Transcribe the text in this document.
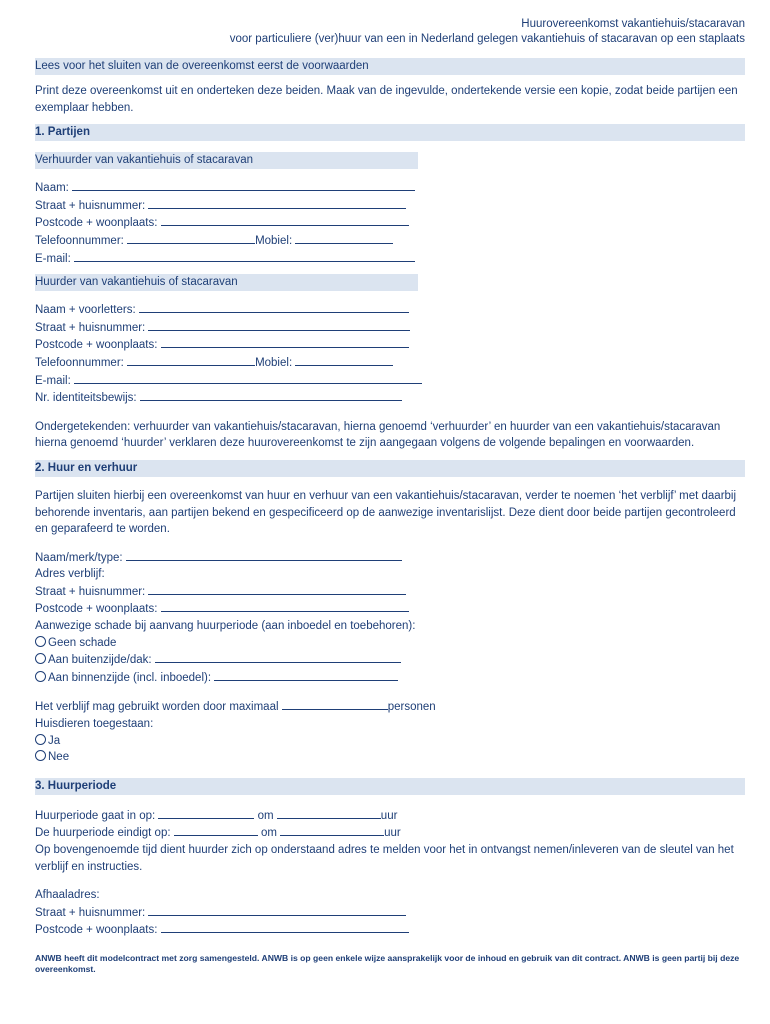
Huurovereenkomst vakantiehuis/stacaravan
voor particuliere (ver)huur van een in Nederland gelegen vakantiehuis of stacaravan op een staplaats
Lees voor het sluiten van de overeenkomst eerst de voorwaarden

Print deze overeenkomst uit en onderteken deze beiden. Maak van de ingevulde, ondertekende versie een kopie, zodat beide partijen een exemplaar hebben.

1. Partijen
Verhuurder van vakantiehuis of stacaravan
Naam:
Straat + huisnummer:
Postcode + woonplaats:
Telefoonnummer:	Mobiel:
E-mail:
Huurder van vakantiehuis of stacaravan
Naam + voorletters:
Straat + huisnummer:
Postcode + woonplaats:
Telefoonnummer:	Mobiel:
E-mail:
Nr. identiteitsbewijs:

Ondergetekenden: verhuurder van vakantiehuis/stacaravan, hierna genoemd ‘verhuurder’ en huurder van een vakantiehuis/stacaravan hierna genoemd ‘huurder’ verklaren deze huurovereenkomst te zijn aangegaan volgens de volgende bepalingen en voorwaarden.

2. Huur en verhuur

Partijen sluiten hierbij een overeenkomst van huur en verhuur van een vakantiehuis/stacaravan, verder te noemen ‘het verblijf’ met daarbij behorende inventaris, aan partijen bekend en gespecificeerd op de aanwezige inventarislijst. Deze dient door beide partijen gecontroleerd en geparafeerd te worden.

Naam/merk/type:
Adres verblijf:
Straat + huisnummer:
Postcode + woonplaats:
Aanwezige schade bij aanvang huurperiode (aan inboedel en toebehoren):
Geen schade
Aan buitenzijde/dak:
Aan binnenzijde (incl. inboedel):
Het verblijf mag gebruikt worden door maximaal	personen
Huisdieren toegestaan:
Ja
Nee
3. Huurperiode
Huurperiode gaat in op:	om	uur
De huurperiode eindigt op:	om	uur

Op bovengenoemde tijd dient huurder zich op onderstaand adres te melden voor het in ontvangst nemen/inleveren van de sleutel van het verblijf en instructies.

Afhaaladres:
Straat + huisnummer:
Postcode + woonplaats:
ANWB heeft dit modelcontract met zorg samengesteld. ANWB is op geen enkele wijze aansprakelijk voor de inhoud en gebruik van dit contract. ANWB is geen partij bij deze overeenkomst.
